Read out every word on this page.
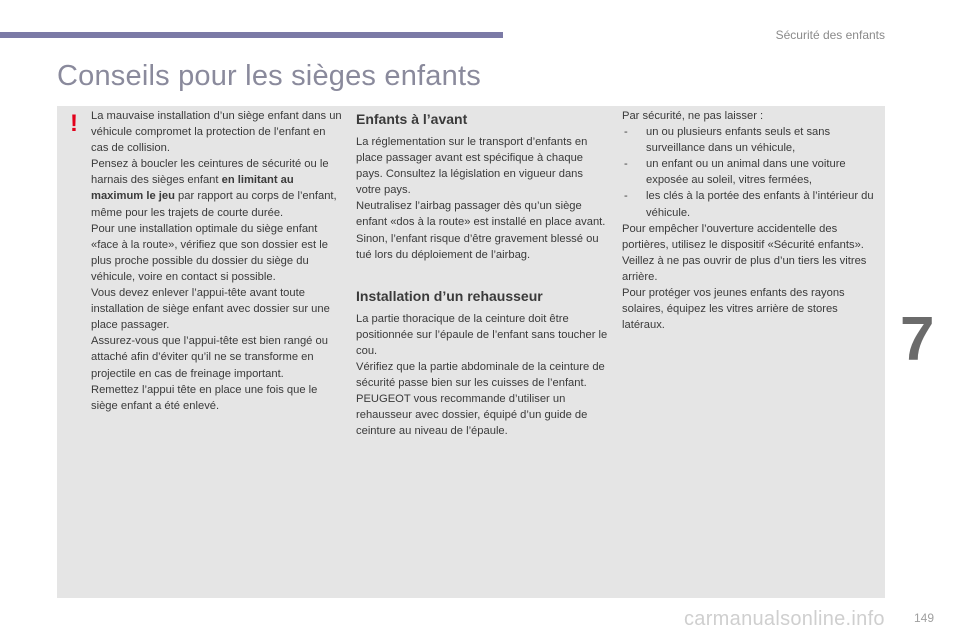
Sécurité des enfants
Conseils pour les sièges enfants
! La mauvaise installation d’un siège enfant dans un véhicule compromet la protection de l’enfant en cas de collision.

Pensez à boucler les ceintures de sécurité ou le harnais des sièges enfant en limitant au maximum le jeu par rapport au corps de l’enfant, même pour les trajets de courte durée.

Pour une installation optimale du siège enfant «face à la route», vérifiez que son dossier est le plus proche possible du dossier du siège du véhicule, voire en contact si possible.

Vous devez enlever l’appui-tête avant toute installation de siège enfant avec dossier sur une place passager.

Assurez-vous que l’appui-tête est bien rangé ou attaché afin d’éviter qu’il ne se transforme en projectile en cas de freinage important.

Remettez l’appui tête en place une fois que le siège enfant a été enlevé.

Enfants à l’avant

La réglementation sur le transport d’enfants en place passager avant est spécifique à chaque pays. Consultez la législation en vigueur dans votre pays.

Neutralisez l’airbag passager dès qu’un siège enfant «dos à la route» est installé en place avant. Sinon, l’enfant risque d’être gravement blessé ou tué lors du déploiement de l’airbag.

Installation d’un rehausseur

La partie thoracique de la ceinture doit être positionnée sur l’épaule de l’enfant sans toucher le cou.

Vérifiez que la partie abdominale de la ceinture de sécurité passe bien sur les cuisses de l’enfant.

PEUGEOT vous recommande d’utiliser un rehausseur avec dossier, équipé d’un guide de ceinture au niveau de l’épaule.

Par sécurité, ne pas laisser :

- un ou plusieurs enfants seuls et sans surveillance dans un véhicule,
- un enfant ou un animal dans une voiture exposée au soleil, vitres fermées,
- les clés à la portée des enfants à l’intérieur du véhicule.

Pour empêcher l’ouverture accidentelle des portières, utilisez le dispositif «Sécurité enfants».

Veillez à ne pas ouvrir de plus d’un tiers les vitres arrière.

Pour protéger vos jeunes enfants des rayons solaires, équipez les vitres arrière de stores latéraux.	7
carmanualsonline.info 149
